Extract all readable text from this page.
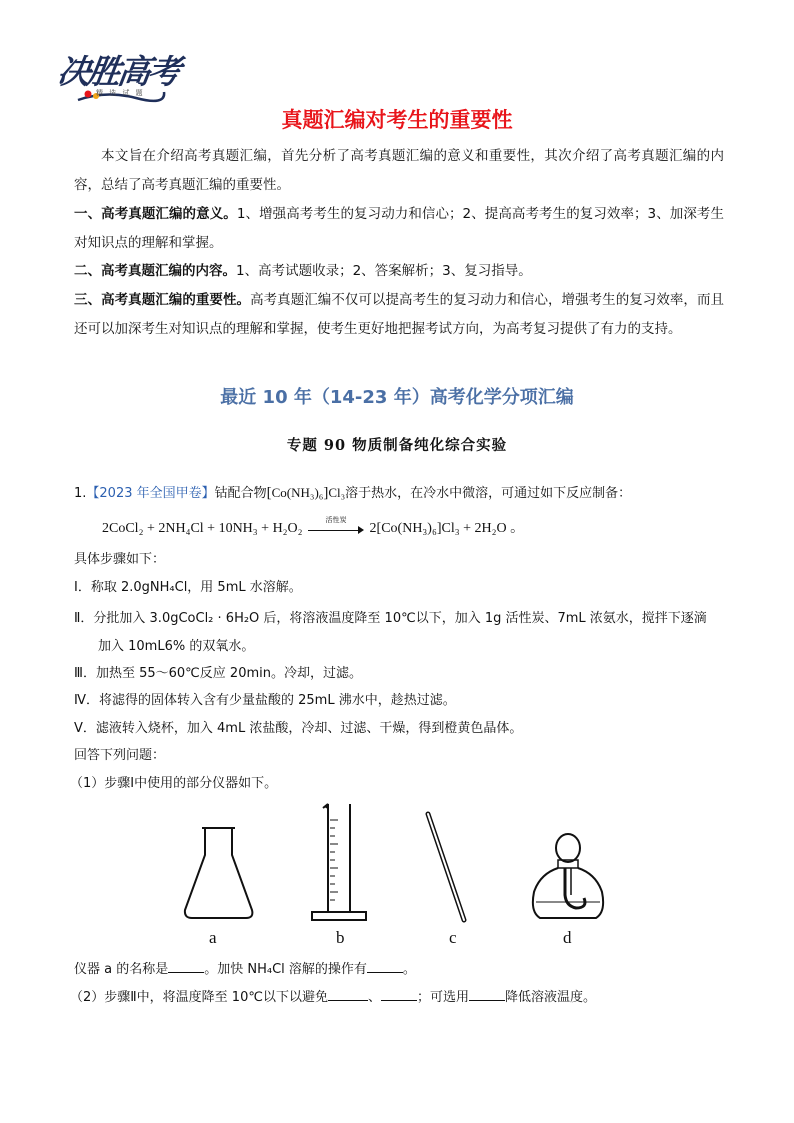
决胜高考
精 选 试 题
真题汇编对考生的重要性
本文旨在介绍高考真题汇编，首先分析了高考真题汇编的意义和重要性，其次介绍了高考真题汇编的内容，总结了高考真题汇编的重要性。
一、高考真题汇编的意义。1、增强高考考生的复习动力和信心；2、提高高考考生的复习效率；3、加深考生对知识点的理解和掌握。
二、高考真题汇编的内容。1、高考试题收录；2、答案解析；3、复习指导。
三、高考真题汇编的重要性。高考真题汇编不仅可以提高考生的复习动力和信心，增强考生的复习效率，而且还可以加深考生对知识点的理解和掌握，使考生更好地把握考试方向，为高考复习提供了有力的支持。
最近 10 年（14-23 年）高考化学分项汇编
专题 90 物质制备纯化综合实验
1.【2023 年全国甲卷】钴配合物[Co(NH₃)₆]Cl₃溶于热水，在冷水中微溶，可通过如下反应制备：
2CoCl₂ + 2NH₄Cl + 10NH₃ + H₂O₂
活性炭
2[Co(NH₃)₆]Cl₃ + 2H₂O 。
具体步骤如下：
Ⅰ．称取 2.0gNH₄Cl，用 5mL 水溶解。
Ⅱ．分批加入 3.0gCoCl₂ · 6H₂O 后，将溶液温度降至 10℃以下，加入 1g 活性炭、7mL 浓氨水，搅拌下逐滴
加入 10mL6% 的双氧水。
Ⅲ．加热至 55～60℃反应 20min。冷却，过滤。
Ⅳ．将滤得的固体转入含有少量盐酸的 25mL 沸水中，趁热过滤。
Ⅴ．滤液转入烧杯，加入 4mL 浓盐酸，冷却、过滤、干燥，得到橙黄色晶体。
回答下列问题：
（1）步骤Ⅰ中使用的部分仪器如下。
a	b	c	d
仪器 a 的名称是	。加快 NH₄Cl 溶解的操作有	。
（2）步骤Ⅱ中，将温度降至 10℃以下以避免	、	；可选用	降低溶液温度。
